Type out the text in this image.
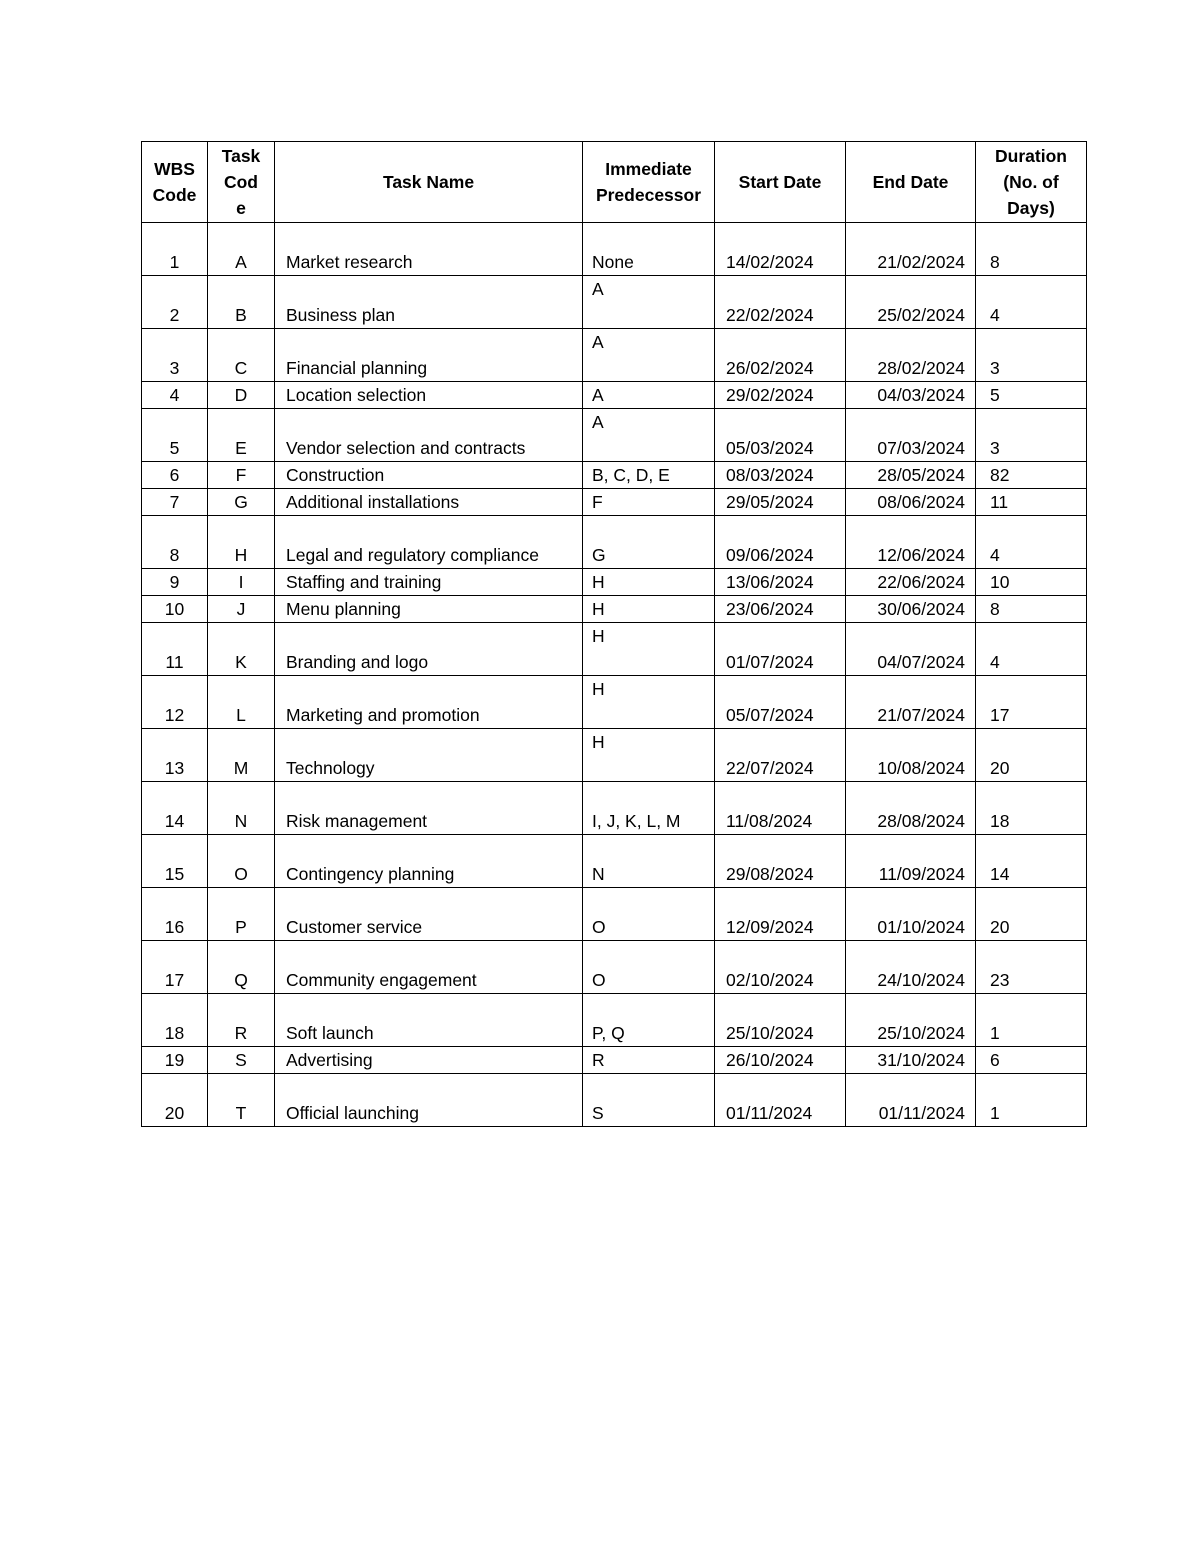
WBS Code	Task Code	Task Name	Immediate Predecessor	Start Date	End Date	Duration (No. of Days)
1	A	Market research	None	14/02/2024	21/02/2024	8
2	B	Business plan	A	22/02/2024	25/02/2024	4
3	C	Financial planning	A	26/02/2024	28/02/2024	3
4	D	Location selection	A	29/02/2024	04/03/2024	5
5	E	Vendor selection and contracts	A	05/03/2024	07/03/2024	3
6	F	Construction	B, C, D, E	08/03/2024	28/05/2024	82
7	G	Additional installations	F	29/05/2024	08/06/2024	11
8	H	Legal and regulatory compliance	G	09/06/2024	12/06/2024	4
9	I	Staffing and training	H	13/06/2024	22/06/2024	10
10	J	Menu planning	H	23/06/2024	30/06/2024	8
11	K	Branding and logo	H	01/07/2024	04/07/2024	4
12	L	Marketing and promotion	H	05/07/2024	21/07/2024	17
13	M	Technology	H	22/07/2024	10/08/2024	20
14	N	Risk management	I, J, K, L, M	11/08/2024	28/08/2024	18
15	O	Contingency planning	N	29/08/2024	11/09/2024	14
16	P	Customer service	O	12/09/2024	01/10/2024	20
17	Q	Community engagement	O	02/10/2024	24/10/2024	23
18	R	Soft launch	P, Q	25/10/2024	25/10/2024	1
19	S	Advertising	R	26/10/2024	31/10/2024	6
20	T	Official launching	S	01/11/2024	01/11/2024	1
